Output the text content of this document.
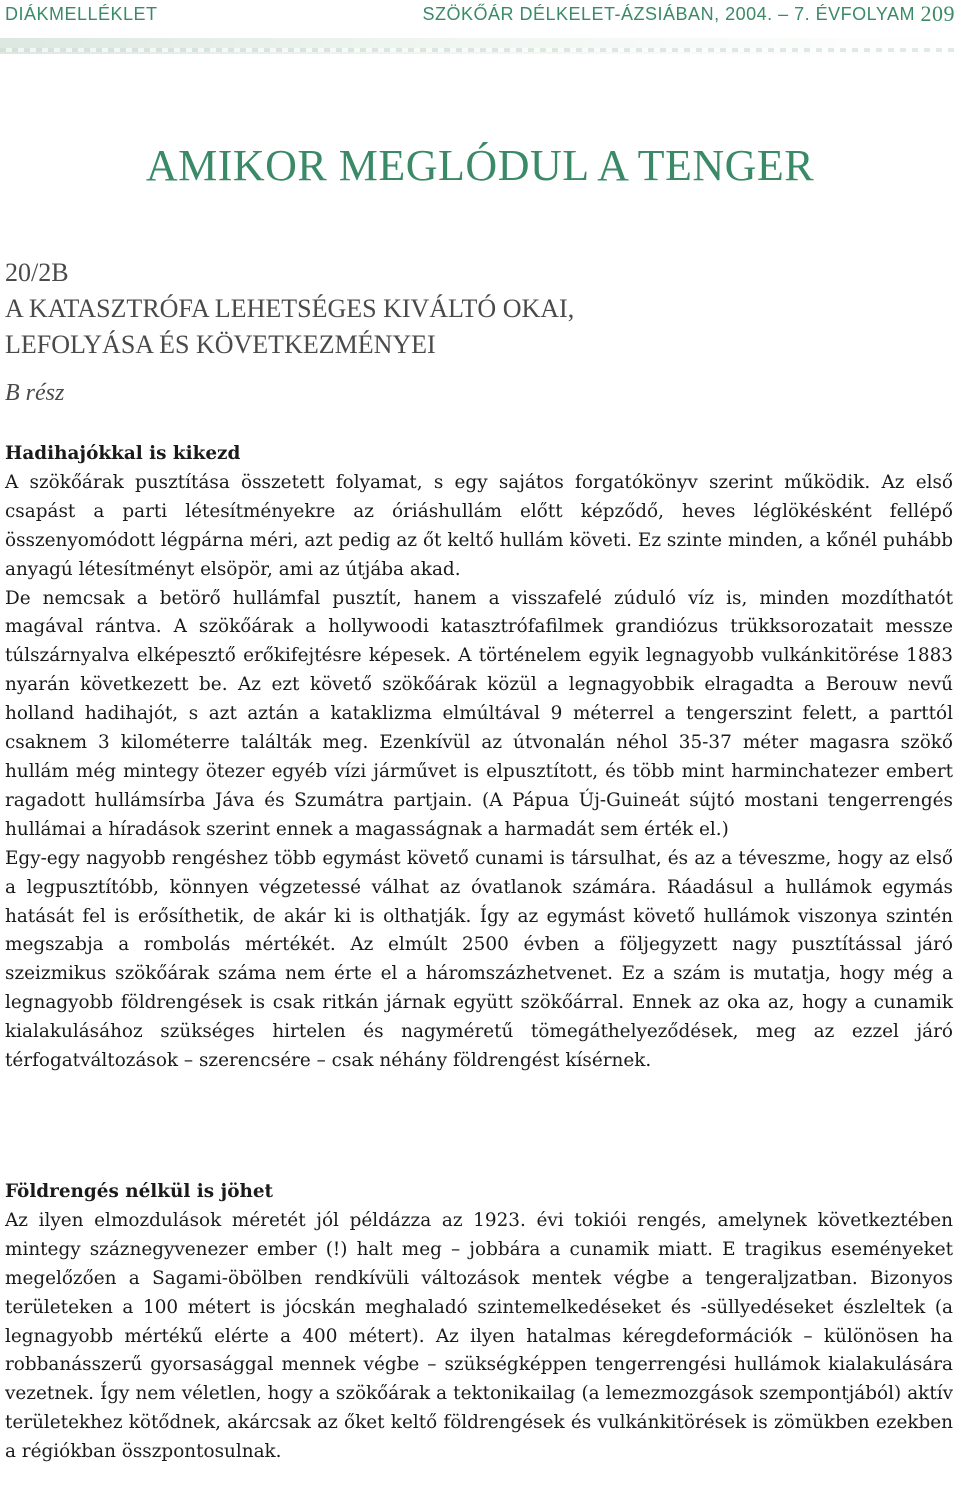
DIÁKMELLÉKLET	SZÖKŐÁR DÉLKELET-ÁZSIÁBAN, 2004. – 7. ÉVFOLYAM 209
AMIKOR MEGLÓDUL A TENGER
20/2B
A KATASZTRÓFA LEHETSÉGES KIVÁLTÓ OKAI,
LEFOLYÁSA ÉS KÖVETKEZMÉNYEI
B rész
Hadihajókkal is kikezd

A szökőárak pusztítása összetett folyamat, s egy sajátos forgatókönyv szerint működik. Az első csapást a parti létesítményekre az óriáshullám előtt képződő, heves léglökésként fellépő összenyomódott légpárna méri, azt pedig az őt keltő hullám követi. Ez szinte minden, a kőnél puhább anyagú létesítményt elsöpör, ami az útjába akad.

De nemcsak a betörő hullámfal pusztít, hanem a visszafelé zúduló víz is, minden mozdíthatót magával rántva. A szökőárak a hollywoodi katasztrófafilmek grandiózus trükksorozatait messze túlszárnyalva elképesztő erőkifejtésre képesek. A történelem egyik legnagyobb vulkánkitörése 1883 nyarán következett be. Az ezt követő szökőárak közül a legnagyobbik elragadta a Berouw nevű holland hadihajót, s azt aztán a kataklizma elmúltával 9 méterrel a tengerszint felett, a parttól csaknem 3 kilométerre találták meg. Ezenkívül az útvonalán néhol 35-37 méter magasra szökő hullám még mintegy ötezer egyéb vízi járművet is elpusztított, és több mint harminchatezer embert ragadott hullámsírba Jáva és Szumátra partjain. (A Pápua Új-Guineát sújtó mostani tengerrengés hullámai a híradások szerint ennek a magasságnak a harmadát sem érték el.)

Egy-egy nagyobb rengéshez több egymást követő cunami is társulhat, és az a téveszme, hogy az első a legpusztítóbb, könnyen végzetessé válhat az óvatlanok számára. Ráadásul a hullámok egymás hatását fel is erősíthetik, de akár ki is olthatják. Így az egymást követő hullámok viszonya szintén megszabja a rombolás mértékét. Az elmúlt 2500 évben a följegyzett nagy pusztítással járó szeizmikus szökőárak száma nem érte el a háromszázhetvenet. Ez a szám is mutatja, hogy még a legnagyobb földrengések is csak ritkán járnak együtt szökőárral. Ennek az oka az, hogy a cunamik kialakulásához szükséges hirtelen és nagyméretű tömegáthelyeződések, meg az ezzel járó térfogatváltozások – szerencsére – csak néhány földrengést kísérnek.

Földrengés nélkül is jöhet

Az ilyen elmozdulások méretét jól példázza az 1923. évi tokiói rengés, amelynek következtében mintegy száznegyvenezer ember (!) halt meg – jobbára a cunamik miatt. E tragikus eseményeket megelőzően a Sagami-öbölben rendkívüli változások mentek végbe a tengeraljzatban. Bizonyos területeken a 100 métert is jócskán meghaladó szintemelkedéseket és -süllyedéseket észleltek (a legnagyobb mértékű elérte a 400 métert). Az ilyen hatalmas kéregdeformációk – különösen ha robbanásszerű gyorsasággal mennek végbe – szükségképpen tengerrengési hullámok kialakulására vezetnek. Így nem véletlen, hogy a szökőárak a tektonikailag (a lemezmozgások szempontjából) aktív területekhez kötődnek, akárcsak az őket keltő földrengések és vulkánkitörések is zömükben ezekben a régiókban összpontosulnak.
